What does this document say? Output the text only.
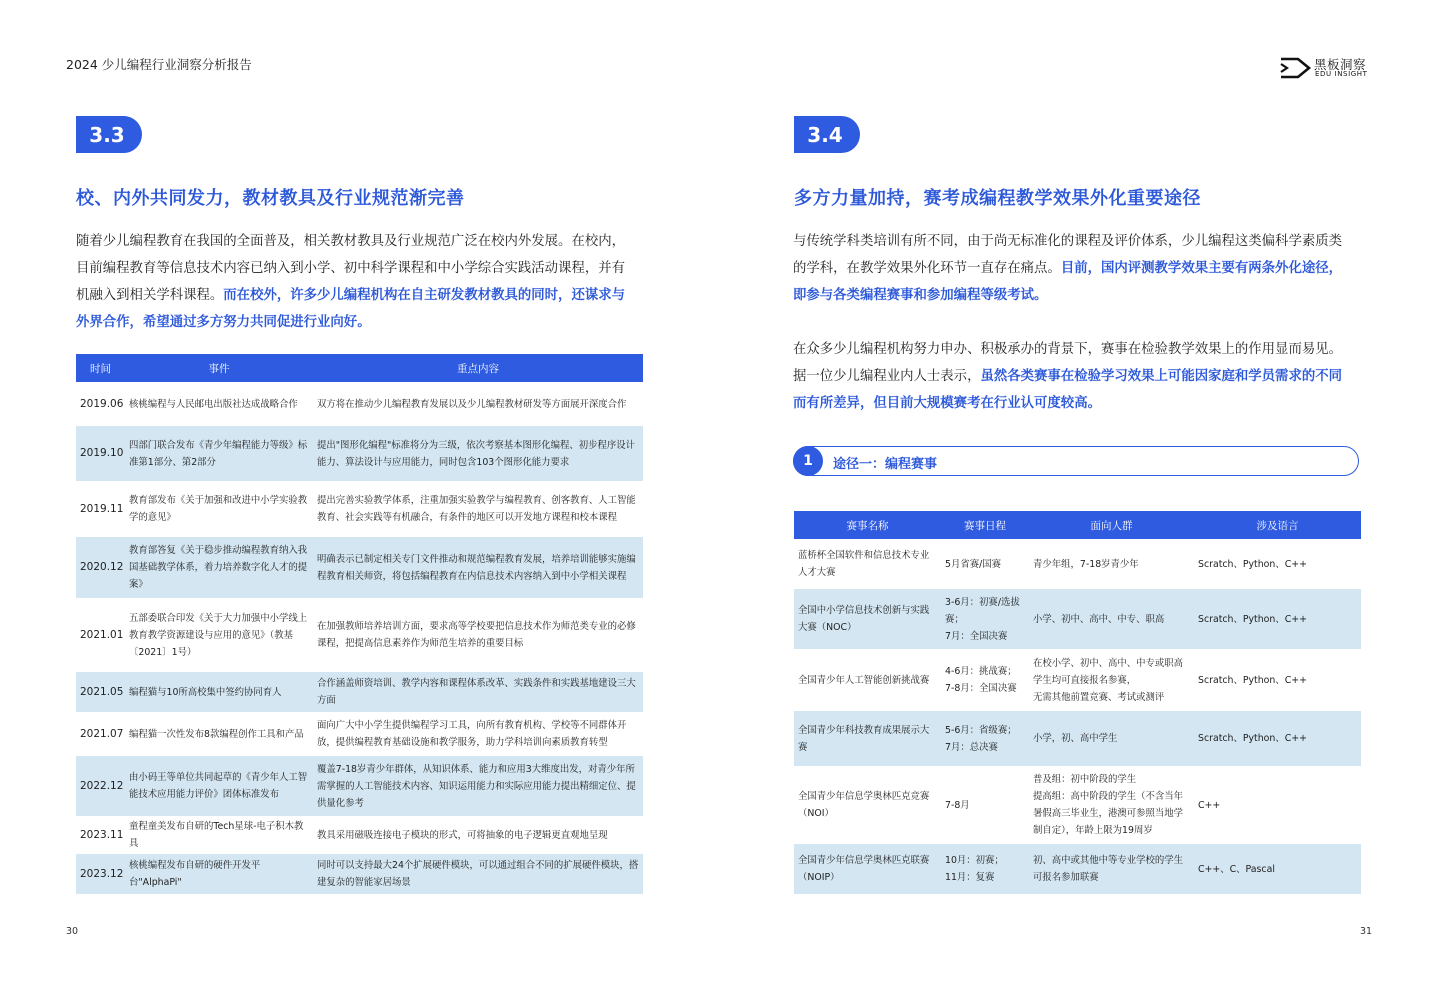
2024 少儿编程行业洞察分析报告	黑板洞察
EDU INSIGHT
3.3
校、内外共同发力，教材教具及行业规范渐完善
随着少儿编程教育在我国的全面普及，相关教材教具及行业规范广泛在校内外发展。在校内，
目前编程教育等信息技术内容已纳入到小学、初中科学课程和中小学综合实践活动课程，并有
机融入到相关学科课程。而在校外，许多少儿编程机构在自主研发教材教具的同时，还谋求与
外界合作，希望通过多方努力共同促进行业向好。
时间	事件	重点内容
2019.06	核桃编程与人民邮电出版社达成战略合作	双方将在推动少儿编程教育发展以及少儿编程教材研发等方面展开深度合作
2019.10	四部门联合发布《青少年编程能力等级》标准第1部分、第2部分	提出"图形化编程"标准将分为三级，依次考察基本图形化编程、初步程序设计能力、算法设计与应用能力，同时包含103个图形化能力要求
2019.11	教育部发布《关于加强和改进中小学实验教学的意见》	提出完善实验教学体系，注重加强实验教学与编程教育、创客教育、人工智能教育、社会实践等有机融合，有条件的地区可以开发地方课程和校本课程
2020.12	教育部答复《关于稳步推动编程教育纳入我国基础教学体系，着力培养数字化人才的提案》	明确表示已制定相关专门文件推动和规范编程教育发展，培养培训能够实施编程教育相关师资，将包括编程教育在内信息技术内容纳入到中小学相关课程
2021.01	五部委联合印发《关于大力加强中小学线上教育教学资源建设与应用的意见》（教基〔2021〕1号）	在加强教师培养培训方面，要求高等学校要把信息技术作为师范类专业的必修课程，把提高信息素养作为师范生培养的重要目标
2021.05	编程猫与10所高校集中签约协同育人	合作涵盖师资培训、教学内容和课程体系改革、实践条件和实践基地建设三大方面
2021.07	编程猫一次性发布8款编程创作工具和产品	面向广大中小学生提供编程学习工具，向所有教育机构、学校等不同群体开放，提供编程教育基础设施和教学服务，助力学科培训向素质教育转型
2022.12	由小码王等单位共同起草的《青少年人工智能技术应用能力评价》团体标准发布	覆盖7-18岁青少年群体，从知识体系、能力和应用3大维度出发，对青少年所需掌握的人工智能技术内容、知识运用能力和实际应用能力提出精细定位、提供量化参考
2023.11	童程童美发布自研的Tech星球-电子积木教具	教具采用磁吸连接电子模块的形式，可将抽象的电子逻辑更直观地呈现
2023.12	核桃编程发布自研的硬件开发平台"AlphaPi"	同时可以支持最大24个扩展硬件模块，可以通过组合不同的扩展硬件模块，搭建复杂的智能家居场景
30
3.4
多方力量加持，赛考成编程教学效果外化重要途径
与传统学科类培训有所不同，由于尚无标准化的课程及评价体系，少儿编程这类偏科学素质类
的学科，在教学效果外化环节一直存在痛点。目前，国内评测教学效果主要有两条外化途径，
即参与各类编程赛事和参加编程等级考试。
在众多少儿编程机构努力申办、积极承办的背景下，赛事在检验教学效果上的作用显而易见。
据一位少儿编程业内人士表示，虽然各类赛事在检验学习效果上可能因家庭和学员需求的不同
而有所差异，但目前大规模赛考在行业认可度较高。
1	途径一：编程赛事
赛事名称	赛事日程	面向人群	涉及语言
蓝桥杯全国软件和信息技术专业人才大赛	5月省赛/国赛	青少年组，7-18岁青少年	Scratch、Python、C++
全国中小学信息技术创新与实践大赛（NOC）	3-6月：初赛/选拔赛；
7月：全国决赛	小学、初中、高中、中专、职高	Scratch、Python、C++
全国青少年人工智能创新挑战赛	4-6月：挑战赛；
7-8月：全国决赛	在校小学、初中、高中、中专或职高学生均可直接报名参赛，
无需其他前置竞赛、考试或测评	Scratch、Python、C++
全国青少年科技教育成果展示大赛	5-6月：省级赛；
7月：总决赛	小学，初、高中学生	Scratch、Python、C++
全国青少年信息学奥林匹克竞赛（NOI）	7-8月	普及组：初中阶段的学生
提高组：高中阶段的学生（不含当年暑假高三毕业生，港澳可参照当地学制自定），年龄上限为19周岁	C++
全国青少年信息学奥林匹克联赛（NOIP）	10月：初赛；
11月：复赛	初、高中或其他中等专业学校的学生可报名参加联赛	C++、C、Pascal
31
